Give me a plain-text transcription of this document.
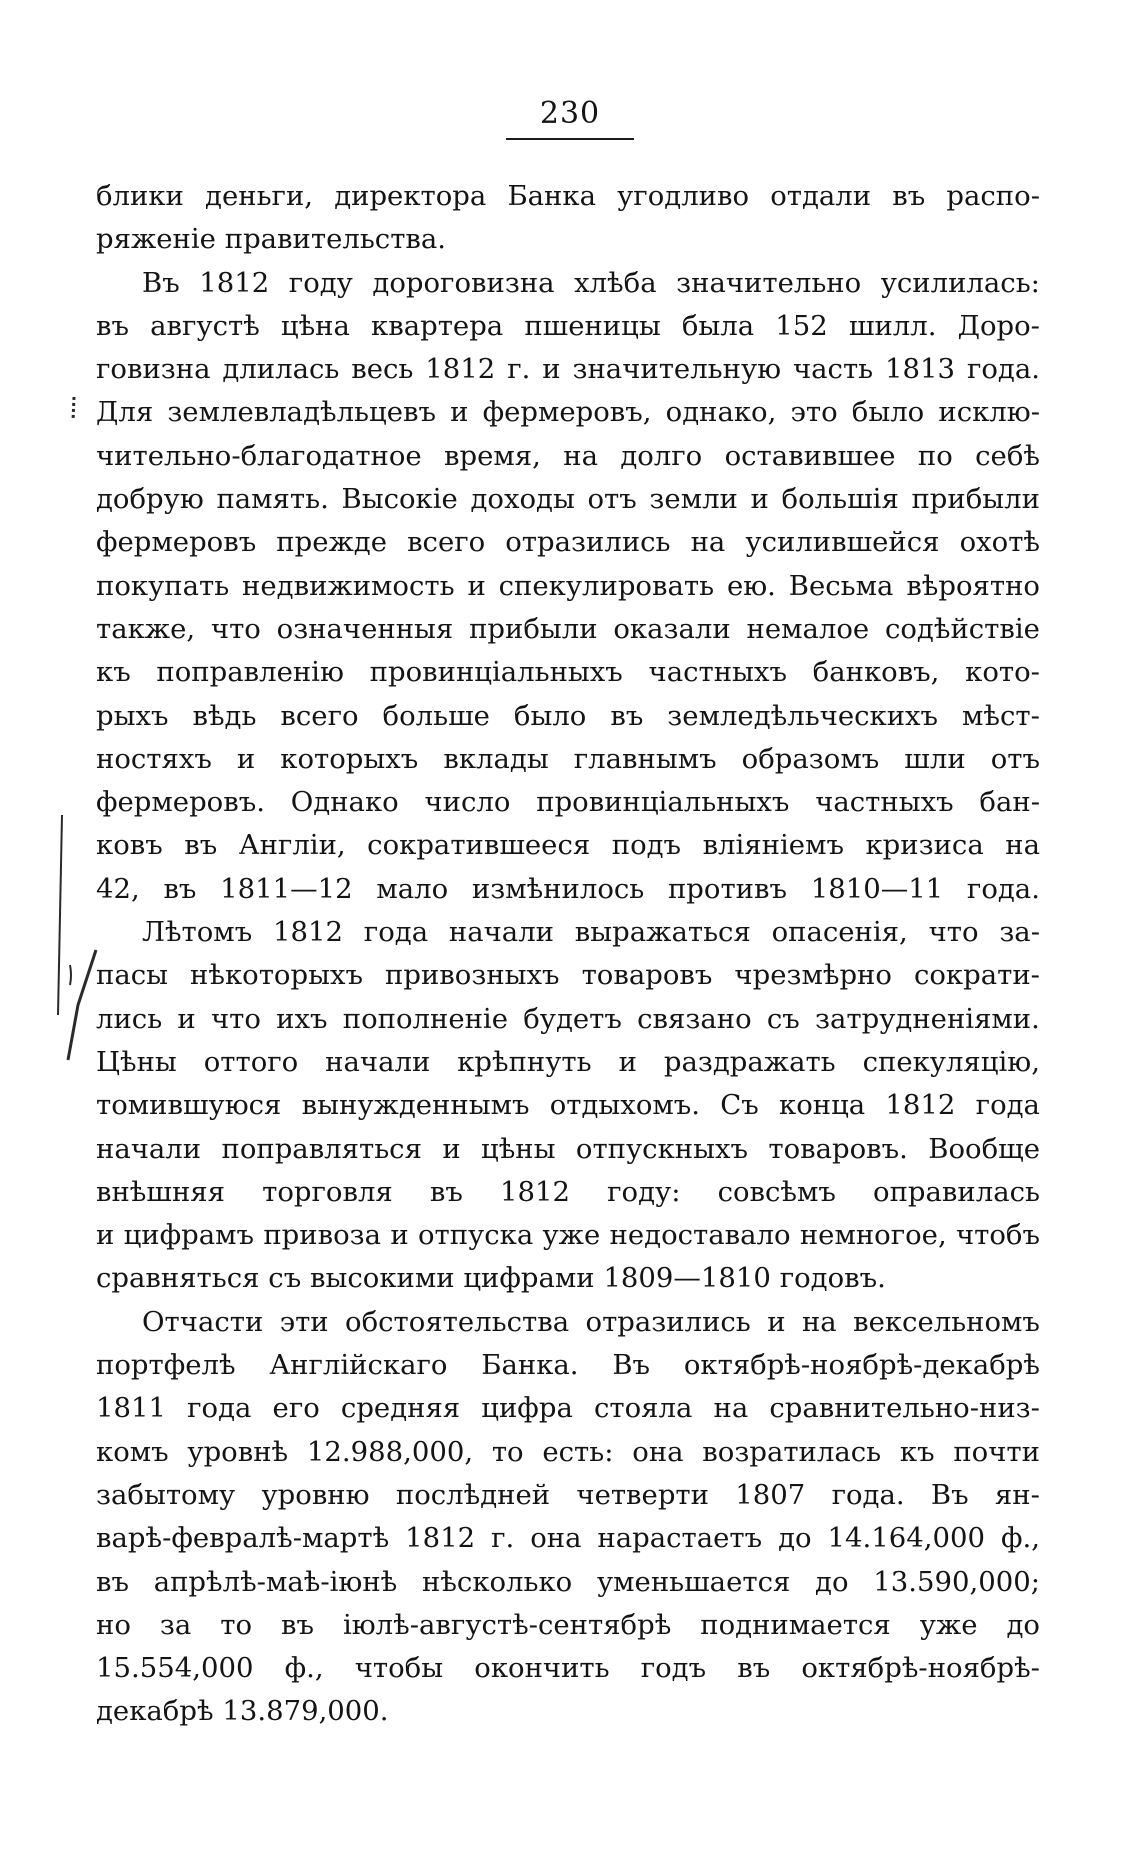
230
блики деньги, директора Банка угодливо отдали въ распо-
ряженіе правительства.
Въ 1812 году дороговизна хлѣба значительно усилилась:
въ августѣ цѣна квартера пшеницы была 152 шилл. Доро-
говизна длилась весь 1812 г. и значительную часть 1813 года.
Для землевладѣльцевъ и фермеровъ, однако, это было исклю-
чительно-благодатное время, на долго оставившее по себѣ
добрую память. Высокіе доходы отъ земли и большія прибыли
фермеровъ прежде всего отразились на усилившейся охотѣ
покупать недвижимость и спекулировать ею. Весьма вѣроятно
также, что означенныя прибыли оказали немалое содѣйствіе
къ поправленію провинціальныхъ частныхъ банковъ, кото-
рыхъ вѣдь всего больше было въ земледѣльческихъ мѣст-
ностяхъ и которыхъ вклады главнымъ образомъ шли отъ
фермеровъ. Однако число провинціальныхъ частныхъ бан-
ковъ въ Англіи, сократившееся подъ вліяніемъ кризиса на
42, въ 1811—12 мало измѣнилось противъ 1810—11 года.
Лѣтомъ 1812 года начали выражаться опасенія, что за-
пасы нѣкоторыхъ привозныхъ товаровъ чрезмѣрно сократи-
лись и что ихъ пополненіе будетъ связано съ затрудненіями.
Цѣны оттого начали крѣпнуть и раздражать спекуляцію,
томившуюся вынужденнымъ отдыхомъ. Съ конца 1812 года
начали поправляться и цѣны отпускныхъ товаровъ. Вообще
внѣшняя торговля въ 1812 году: совсѣмъ оправилась
и цифрамъ привоза и отпуска уже недоставало немногое, чтобъ
сравняться съ высокими цифрами 1809—1810 годовъ.
Отчасти эти обстоятельства отразились и на вексельномъ
портфелѣ Англійскаго Банка. Въ октябрѣ-ноябрѣ-декабрѣ
1811 года его средняя цифра стояла на сравнительно-низ-
комъ уровнѣ 12.988,000, то есть: она возратилась къ почти
забытому уровню послѣдней четверти 1807 года. Въ ян-
варѣ-февралѣ-мартѣ 1812 г. она нарастаетъ до 14.164,000 ф.,
въ апрѣлѣ-маѣ-іюнѣ нѣсколько уменьшается до 13.590,000;
но за то въ іюлѣ-августѣ-сентябрѣ поднимается уже до
15.554,000 ф., чтобы окончить годъ въ октябрѣ-ноябрѣ-
декабрѣ 13.879,000.
